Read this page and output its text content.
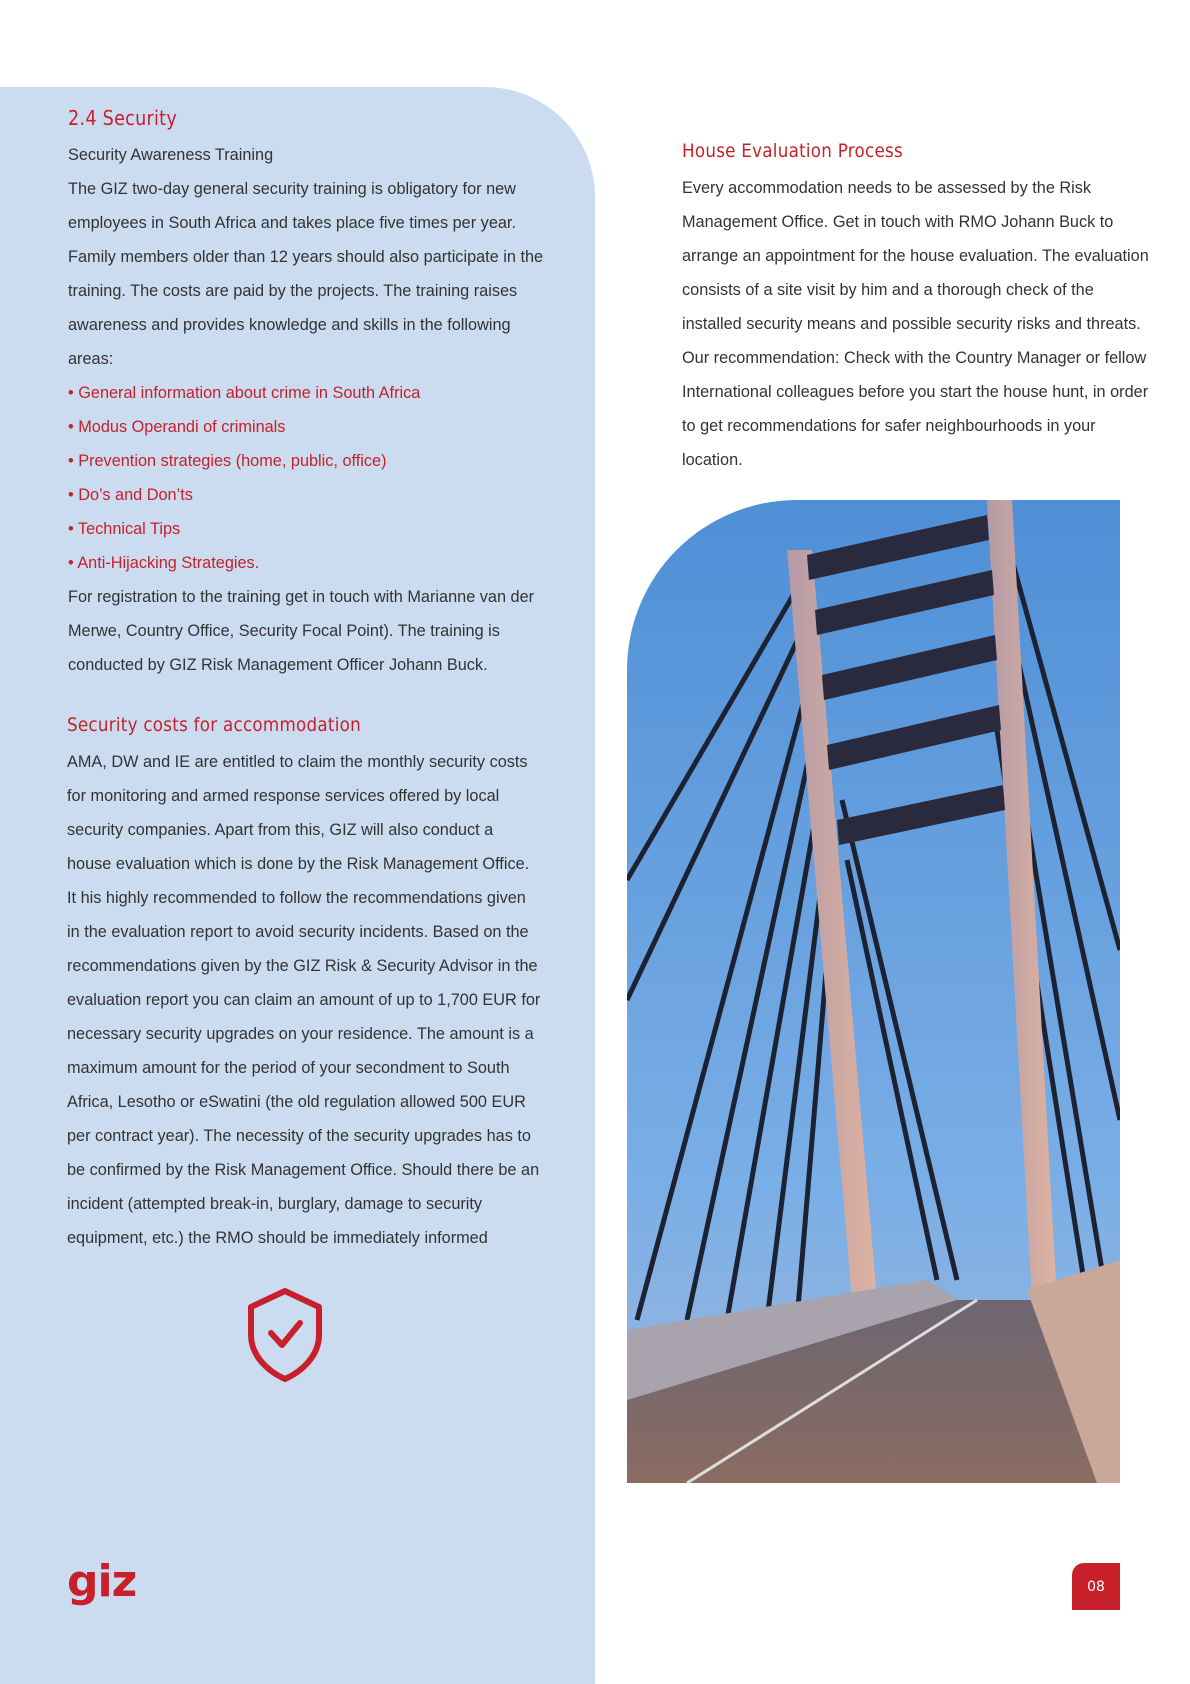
2.4 Security
Security Awareness Training
The GIZ two-day general security training is obligatory for new
employees in South Africa and takes place five times per year.
Family members older than 12 years should also participate in the
training. The costs are paid by the projects. The training raises
awareness and provides knowledge and skills in the following
areas:
• General information about crime in South Africa
• Modus Operandi of criminals
• Prevention strategies (home, public, office)
• Do’s and Don’ts
• Technical Tips
• Anti-Hijacking Strategies.
For registration to the training get in touch with Marianne van der
Merwe, Country Office, Security Focal Point). The training is
conducted by GIZ Risk Management Officer Johann Buck.
Security costs for accommodation
AMA, DW and IE are entitled to claim the monthly security costs
for monitoring and armed response services offered by local
security companies. Apart from this, GIZ will also conduct a
house evaluation which is done by the Risk Management Office.
It his highly recommended to follow the recommendations given
in the evaluation report to avoid security incidents. Based on the
recommendations given by the GIZ Risk & Security Advisor in the
evaluation report you can claim an amount of up to 1,700 EUR for
necessary security upgrades on your residence. The amount is a
maximum amount for the period of your secondment to South
Africa, Lesotho or eSwatini (the old regulation allowed 500 EUR
per contract year). The necessity of the security upgrades has to
be confirmed by the Risk Management Office. Should there be an
incident (attempted break-in, burglary, damage to security
equipment, etc.) the RMO should be immediately informed
House Evaluation Process
Every accommodation needs to be assessed by the Risk
Management Office. Get in touch with RMO Johann Buck to
arrange an appointment for the house evaluation. The evaluation
consists of a site visit by him and a thorough check of the
installed security means and possible security risks and threats.
Our recommendation: Check with the Country Manager or fellow
International colleagues before you start the house hunt, in order
to get recommendations for safer neighbourhoods in your
location.
giz	08
